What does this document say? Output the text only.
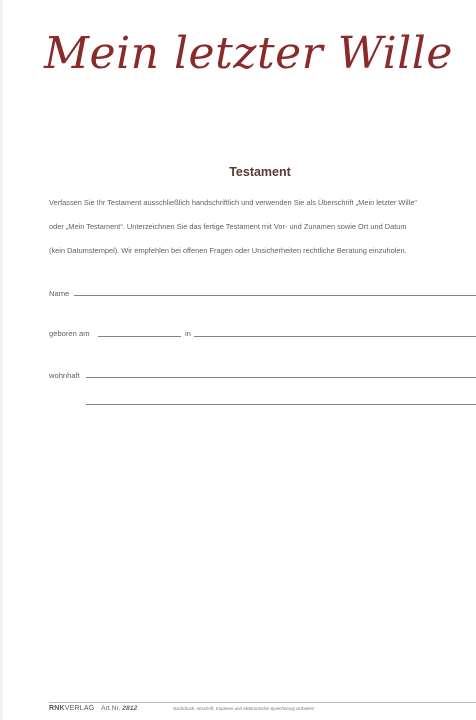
Mein letzter Wille
Testament

Verfassen Sie Ihr Testament ausschließlich handschriftlich und verwenden Sie als Überschrift „Mein letzter Wille“

oder „Mein Testament“. Unterzeichnen Sie das fertige Testament mit Vor- und Zunamen sowie Ort und Datum

(kein Datumstempel). Wir empfehlen bei offenen Fragen oder Unsicherheiten rechtliche Beratung einzuholen.

Name
geboren am	in
wohnhaft
RNKVERLAG Art.Nr. 2812	Nachdruck, Abschrift, Kopieren und elektronische Speicherung verboten!
